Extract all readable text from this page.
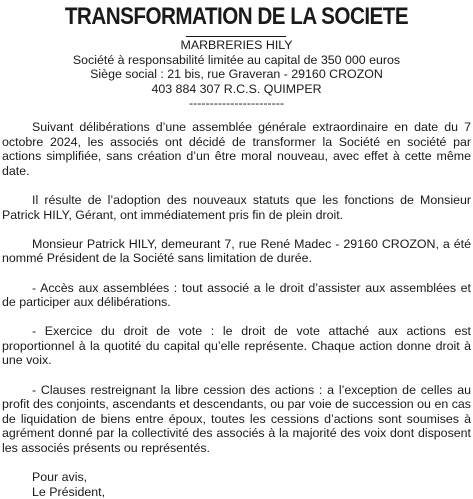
TRANSFORMATION DE LA SOCIETE
MARBRERIES HILY
Société à responsabilité limitée au capital de 350 000 euros
Siège social : 21 bis, rue Graveran - 29160 CROZON
403 884 307 R.C.S. QUIMPER
-----------------------

Suivant délibérations d’une assemblée générale extraordinaire en date du 7 octobre 2024, les associés ont décidé de transformer la Société en société par actions simplifiée, sans création d’un être moral nouveau, avec effet à cette même date.

Il résulte de l’adoption des nouveaux statuts que les fonctions de Monsieur Patrick HILY, Gérant, ont immédiatement pris fin de plein droit.

Monsieur Patrick HILY, demeurant 7, rue René Madec - 29160 CROZON, a été nommé Président de la Société sans limitation de durée.

- Accès aux assemblées : tout associé a le droit d’assister aux assemblées et de participer aux délibérations.

- Exercice du droit de vote : le droit de vote attaché aux actions est proportionnel à la quotité du capital qu’elle représente. Chaque action donne droit à une voix.

- Clauses restreignant la libre cession des actions : a l’exception de celles au profit des conjoints, ascendants et descendants, ou par voie de succession ou en cas de liquidation de biens entre époux, toutes les cessions d’actions sont soumises à agrément donné par la collectivité des associés à la majorité des voix dont disposent les associés présents ou représentés.

Pour avis,
Le Président,
